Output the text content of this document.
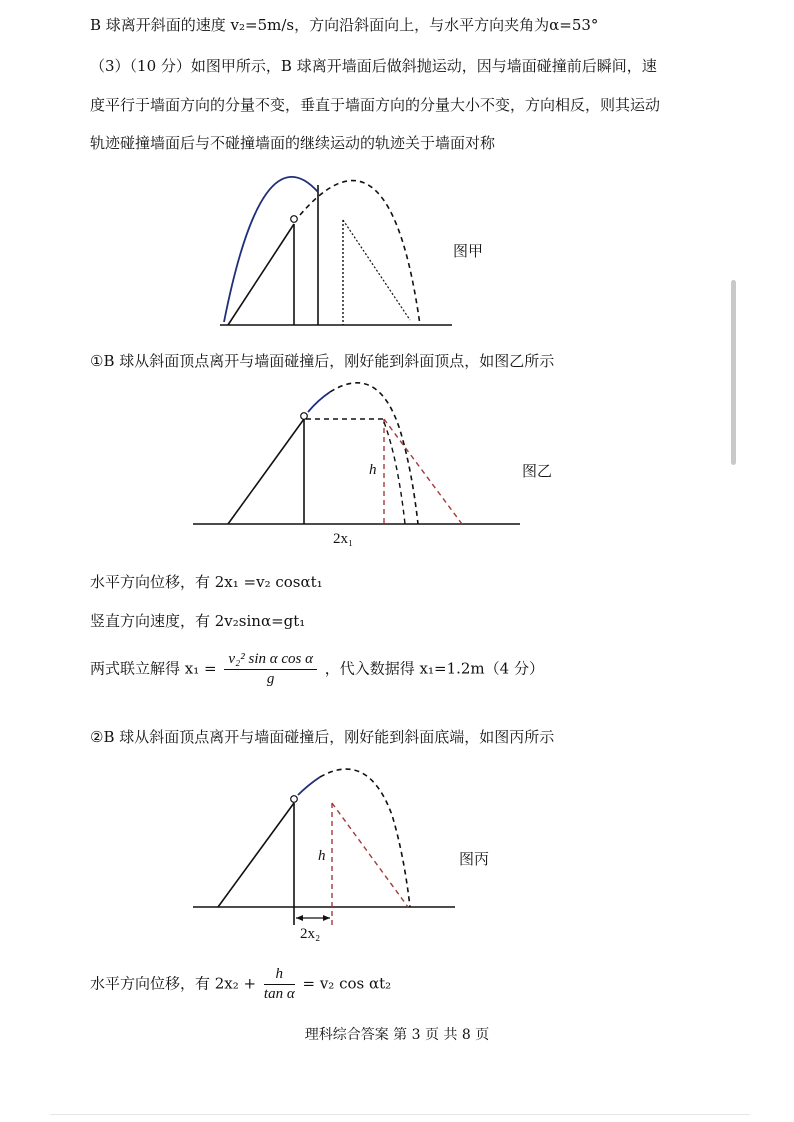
B 球离开斜面的速度 v₂=5m/s，方向沿斜面向上，与水平方向夹角为α=53°
（3）（10 分）如图甲所示，B 球离开墙面后做斜抛运动，因与墙面碰撞前后瞬间，速
度平行于墙面方向的分量不变，垂直于墙面方向的分量大小不变，方向相反，则其运动
轨迹碰撞墙面后与不碰撞墙面的继续运动的轨迹关于墙面对称
图甲
①B 球从斜面顶点离开与墙面碰撞后，刚好能到斜面顶点，如图乙所示
h	图乙
2x₁
水平方向位移，有 2x₁ =v₂ cosαt₁
竖直方向速度，有 2v₂sinα=gt₁
两式联立解得 $x_1 = \frac{\text{v₂² sin α cos α}}{g}$ ，代入数据得 x₁=1.2m（4 分）
②B 球从斜面顶点离开与墙面碰撞后，刚好能到斜面底端，如图丙所示
h	图丙
2x₂
水平方向位移，有 $2x_2 + \frac{h}{\text{tan α}} = v_2$ cos αt₂
理科综合答案 第 3 页 共 8 页
